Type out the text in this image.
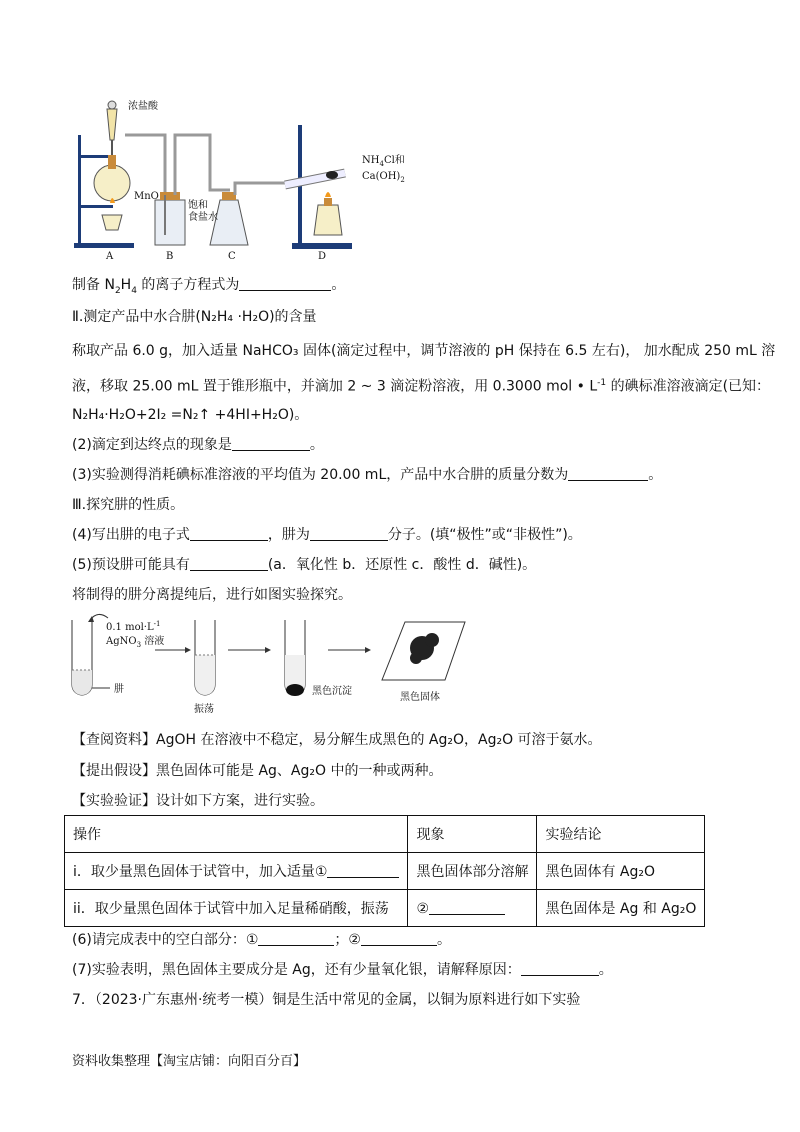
浓盐酸
MnO
饱和
食盐水
$NH_4Cl$和
$Ca(OH)_2$
A	B	C	D
制备 $N_2H_4$ 的离子方程式为	。
Ⅱ.测定产品中水合肼(N₂H₄ ·H₂O)的含量
称取产品 6.0 g，加入适量 NaHCO₃ 固体(滴定过程中，调节溶液的 pH 保持在 6.5 左右)， 加水配成 250 mL 溶
液，移取 25.00 mL 置于锥形瓶中，并滴加 2 ~ 3 滴淀粉溶液，用 0.3000 mol • $L^{-1}$ 的碘标准溶液滴定(已知：
N₂H₄·H₂O+2I₂ =N₂↑ +4HI+H₂O)。
(2)滴定到达终点的现象是	。
(3)实验测得消耗碘标准溶液的平均值为 20.00 mL，产品中水合肼的质量分数为	。
Ⅲ.探究肼的性质。
(4)写出肼的电子式	，肼为	分子。(填“极性”或“非极性”)。
(5)预设肼可能具有	(a．氧化性 b．还原性 c．酸性 d．碱性)。
将制得的肼分离提纯后，进行如图实验探究。
肼
0.1 $mol\cdot L^{-1}$
AgNO$_3$ 溶液
振荡
黑色沉淀
黑色固体
【查阅资料】AgOH 在溶液中不稳定，易分解生成黑色的 Ag₂O，Ag₂O 可溶于氨水。
【提出假设】黑色固体可能是 Ag、Ag₂O 中的一种或两种。
【实验验证】设计如下方案，进行实验。
操作	现象	实验结论
i．取少量黑色固体于试管中，加入适量①	黑色固体部分溶解	黑色固体有 Ag₂O
ii．取少量黑色固体于试管中加入足量稀硝酸，振荡	②	黑色固体是 Ag 和 Ag₂O
(6)请完成表中的空白部分：①	；②	。
(7)实验表明，黑色固体主要成分是 Ag，还有少量氧化银，请解释原因：	。
7．（2023·广东惠州·统考一模）铜是生活中常见的金属，以铜为原料进行如下实验
资料收集整理【淘宝店铺：向阳百分百】
